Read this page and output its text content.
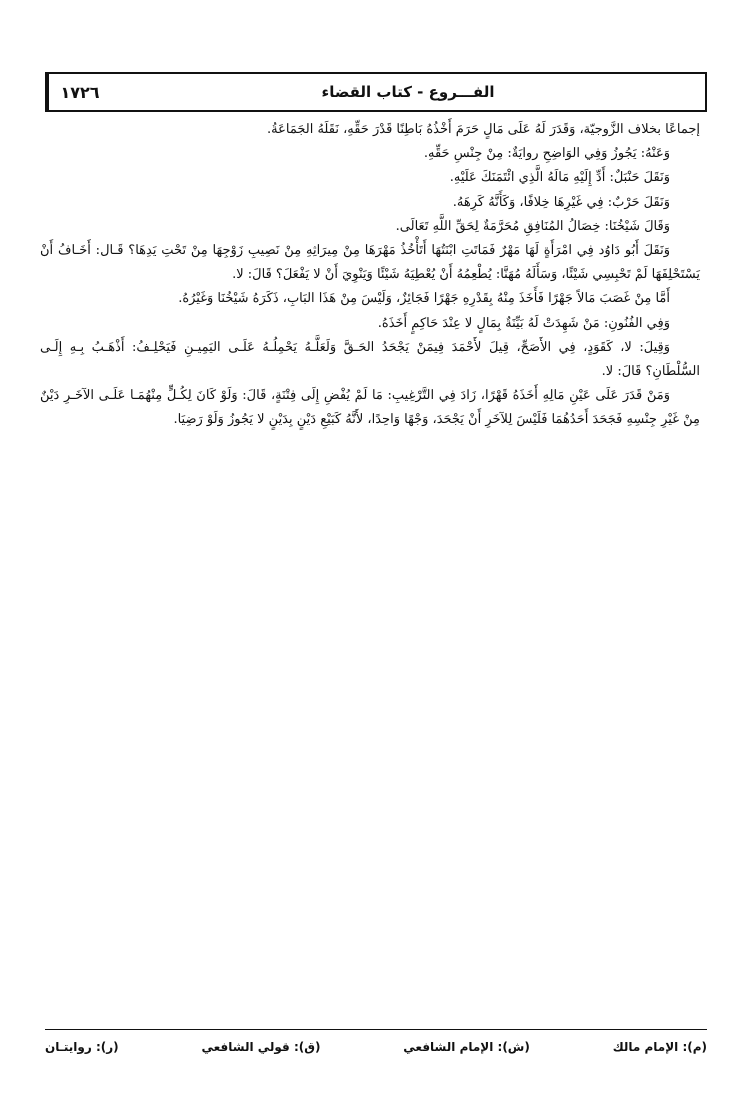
١٧٢٦	الفـــروع - كتاب القضاء

إجماعًا بخلاف الزَّوجيّة، وَقَدَرَ لَهُ عَلَى مَالٍ حَرَمَ أَخْذُهُ بَاطِنًا قَدْرَ حَقِّهِ، نَقَلَهُ الجَمَاعَةُ.

وَعَنْهُ: يَجُوزُ وَفِي الوَاضِحِ روايَةٌ: مِنْ جِنْسِ حَقِّهِ.

وَنَقَلَ حَنْبَلٌ: أَدِّ إِلَيْهِ مَالَهُ الَّذِي ائْتَمَنَكَ عَلَيْهِ.

وَنَقَلَ حَرْبٌ: فِي غَيْرِهَا خِلافًا، وَكَأَنَّهُ كَرِهَهُ.

وَقَالَ شَيْخُنَا: خِصَالُ المُنَافِقِ مُحَرَّمَةٌ لِحَقِّ اللَّهِ تَعَالَى.

وَنَقَلَ أَبُو دَاوُد فِي امْرَأَةٍ لَهَا مَهْرٌ فَمَاتَتِ ابْنَتُهَا أَتَأْخُذُ مَهْرَهَا مِنْ مِيرَاثِهِ مِنْ نَصِيبِ زَوْجِهَا مِنْ تَحْتِ يَدِهَا؟ قَـال: أَخَـافُ أَنْ يَسْتَحْلِفَهَا لَمْ تَحْبِسِي شَيْئًا، وَسَأَلَهُ مُهَنَّا: يُطْعِمُهُ أَنْ يُعْطِيَهُ شَيْئًا وَيَنْوِيَ أَنْ لا يَفْعَلَ؟ قَالَ: لا.

أَمَّا مِنْ غَصَبَ مَالاً جَهْرًا فَأَخَذَ مِنْهُ بِقَدْرِهِ جَهْرًا فَجَائِزٌ، وَلَيْسَ مِنْ هَذَا البَابِ، ذَكَرَهُ شَيْخُنَا وَغَيْرُهُ.

وَفِي الفُنُونِ: مَنْ شَهِدَتْ لَهُ بَيِّنَةٌ بِمَالٍ لا عِنْدَ حَاكِمٍ أَخَذَهُ.

وَقِيلَ: لا، كَقَوَدٍ، فِي الأَصَحِّ، قِيلَ لأَحْمَدَ فِيمَنْ يَجْحَدُ الحَـقَّ وَلَعَلَّـهُ يَحْمِلُـهُ عَلَـى اليَمِيـنِ فَيَحْلِـفُ: أَذْهَـبُ بِـهِ إِلَـى السُّلْطَانِ؟ قَالَ: لا.

وَمَنْ قَدَرَ عَلَى عَيْنِ مَالِهِ أَخَذَهُ قَهْرًا، زَادَ فِي التَّرْغِيبِ: مَا لَمْ يُفْضِ إِلَى فِتْنَةٍ، قَالَ: وَلَوْ كَانَ لِكُـلٍّ مِنْهُمَـا عَلَـى الآخَـرِ دَيْنٌ مِنْ غَيْرِ جِنْسِهِ فَجَحَدَ أَحَدُهُمَا فَلَيْسَ لِلآخَرِ أَنْ يَجْحَدَ، وَجْهًا وَاحِدًا، لأَنَّهُ كَبَيْعِ دَيْنٍ بِدَيْنٍ لا يَجُوزُ وَلَوْ رَضِيَا.

(م): الإمام مالك
(ش): الإمام الشافعي
(ق): قولي الشافعي
(ر): روايتـان
